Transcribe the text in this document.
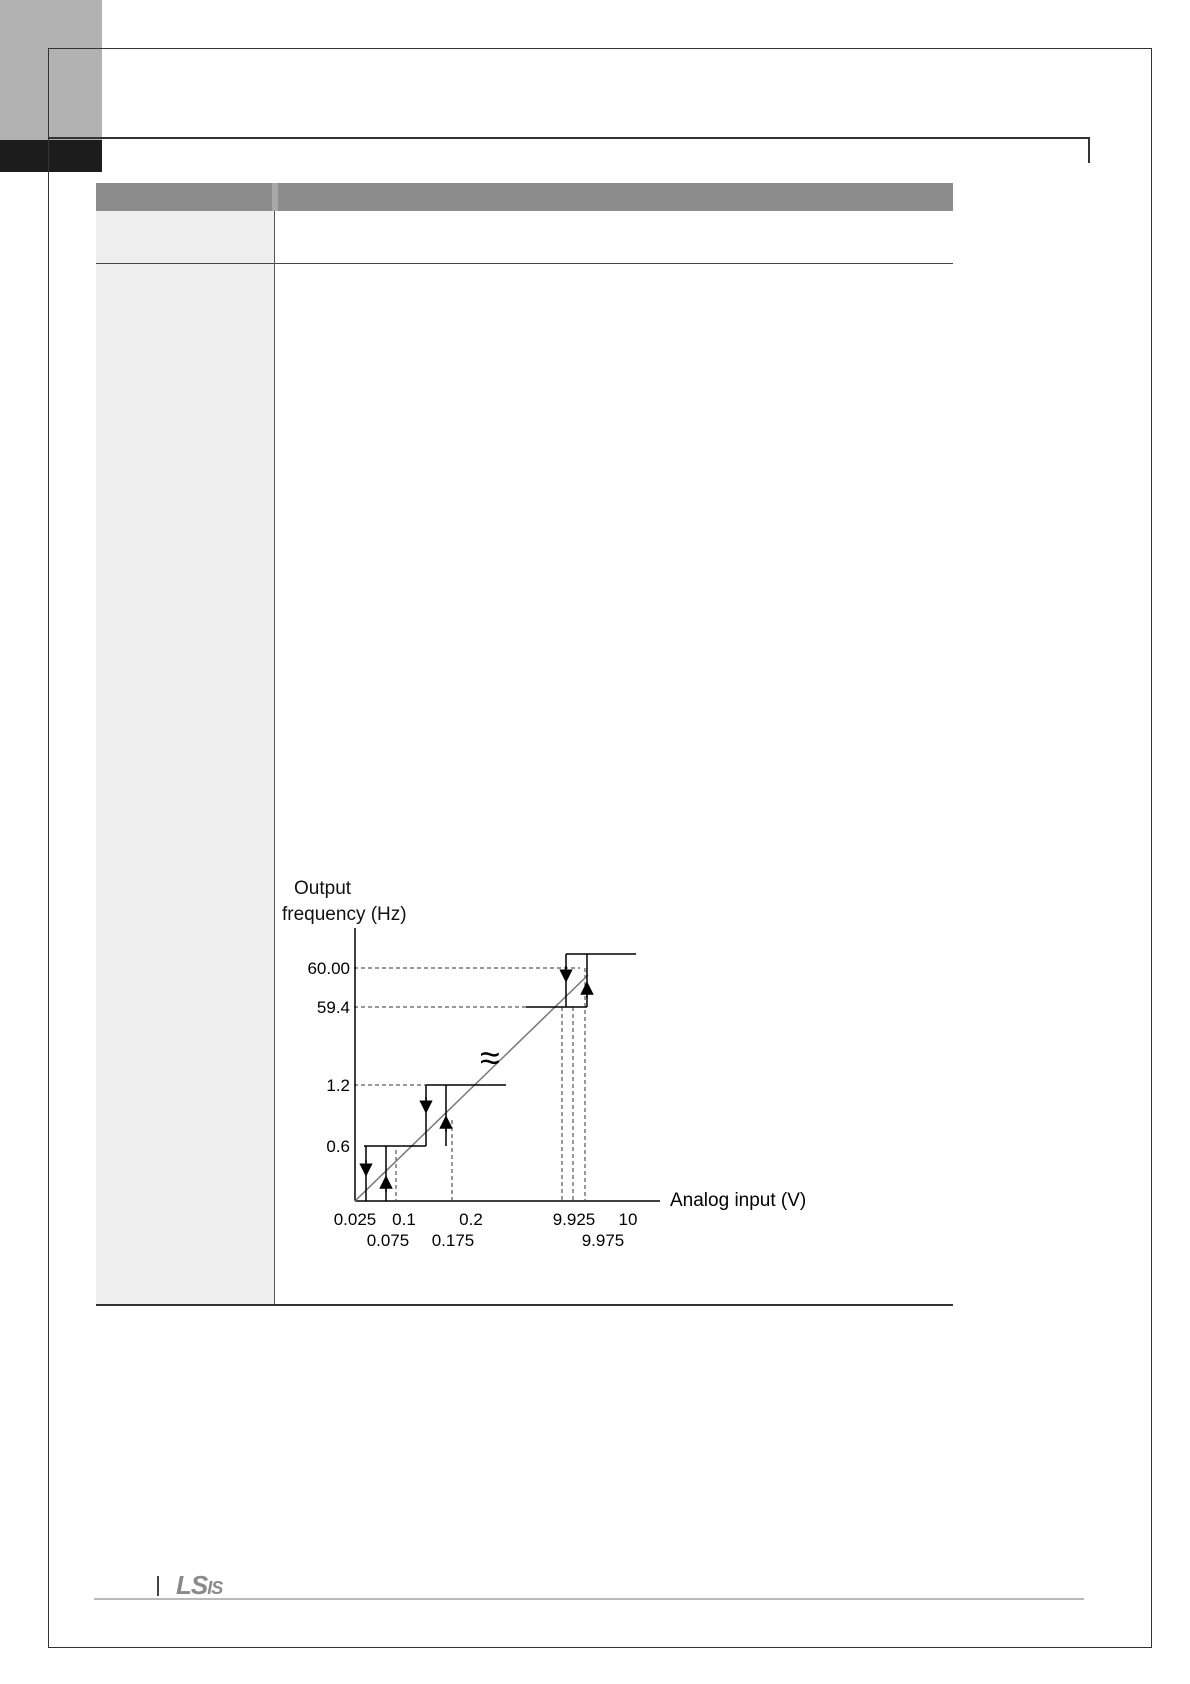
Output
frequency (Hz)
≈
60.00
59.4
1.2
0.6
Analog input (V)
0.025 0.1	0.2	9.925 10
0.075 0.175	9.975
LSIS
